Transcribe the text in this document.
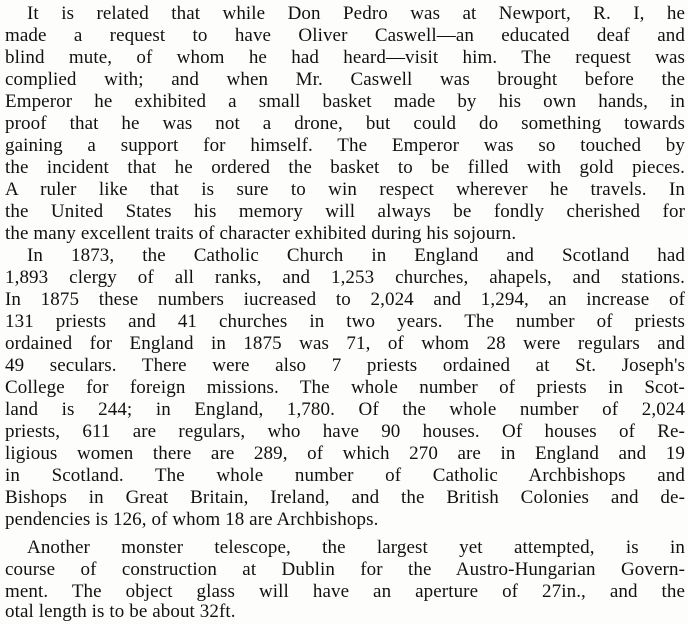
It is related that while Don Pedro was at Newport, R. I, he
made a request to have Oliver Caswell—an educated deaf and
blind mute, of whom he had heard—visit him. The request was
complied with; and when Mr. Caswell was brought before the
Emperor he exhibited a small basket made by his own hands, in
proof that he was not a drone, but could do something towards
gaining a support for himself. The Emperor was so touched by
the incident that he ordered the basket to be filled with gold pieces.
A ruler like that is sure to win respect wherever he travels. In
the United States his memory will always be fondly cherished for
the many excellent traits of character exhibited during his sojourn.
In 1873, the Catholic Church in England and Scotland had
1,893 clergy of all ranks, and 1,253 churches, ahapels, and stations.
In 1875 these numbers iucreased to 2,024 and 1,294, an increase of
131 priests and 41 churches in two years. The number of priests
ordained for England in 1875 was 71, of whom 28 were regulars and
49 seculars. There were also 7 priests ordained at St. Joseph's
College for foreign missions. The whole number of priests in Scot-
land is 244; in England, 1,780. Of the whole number of 2,024
priests, 611 are regulars, who have 90 houses. Of houses of Re-
ligious women there are 289, of which 270 are in England and 19
in Scotland. The whole number of Catholic Archbishops and
Bishops in Great Britain, Ireland, and the British Colonies and de-
pendencies is 126, of whom 18 are Archbishops.
Another monster telescope, the largest yet attempted, is in
course of construction at Dublin for the Austro-Hungarian Govern-
ment. The object glass will have an aperture of 27in., and the
otal length is to be about 32ft.
